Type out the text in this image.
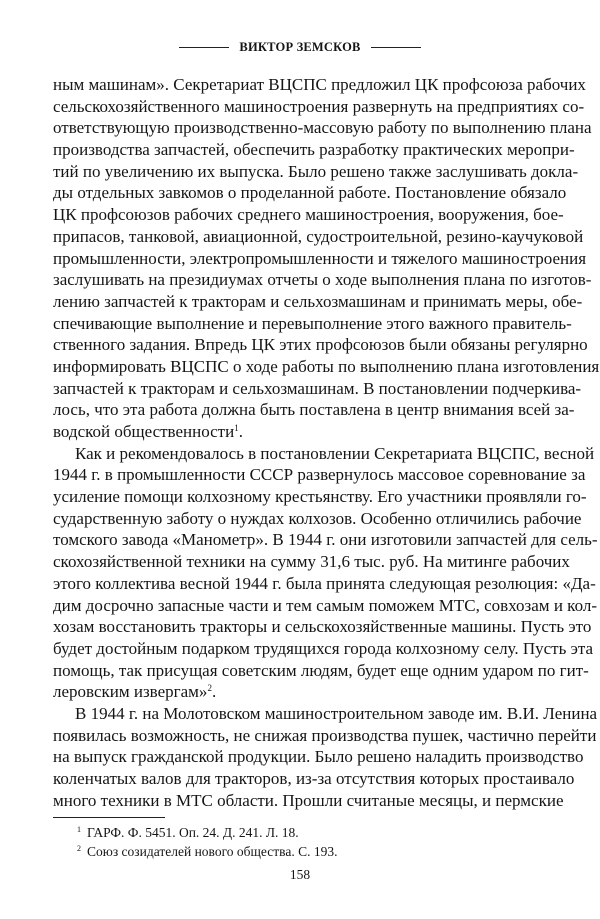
ВИКТОР ЗЕМСКОВ
ным машинам». Секретариат ВЦСПС предложил ЦК профсоюза рабочих
сельскохозяйственного машиностроения развернуть на предприятиях со-
ответствующую производственно-массовую работу по выполнению плана
производства запчастей, обеспечить разработку практических меропри-
тий по увеличению их выпуска. Было решено также заслушивать докла-
ды отдельных завкомов о проделанной работе. Постановление обязало
ЦК профсоюзов рабочих среднего машиностроения, вооружения, бое-
припасов, танковой, авиационной, судостроительной, резино-каучуковой
промышленности, электропромышленности и тяжелого машиностроения
заслушивать на президиумах отчеты о ходе выполнения плана по изготов-
лению запчастей к тракторам и сельхозмашинам и принимать меры, обе-
спечивающие выполнение и перевыполнение этого важного правитель-
ственного задания. Впредь ЦК этих профсоюзов были обязаны регулярно
информировать ВЦСПС о ходе работы по выполнению плана изготовления
запчастей к тракторам и сельхозмашинам. В постановлении подчеркива-
лось, что эта работа должна быть поставлена в центр внимания всей за-
водской общественности$^1$.
Как и рекомендовалось в постановлении Секретариата ВЦСПС, весной
1944 г. в промышленности СССР развернулось массовое соревнование за
усиление помощи колхозному крестьянству. Его участники проявляли го-
сударственную заботу о нуждах колхозов. Особенно отличились рабочие
томского завода «Манометр». В 1944 г. они изготовили запчастей для сель-
скохозяйственной техники на сумму 31,6 тыс. руб. На митинге рабочих
этого коллектива весной 1944 г. была принята следующая резолюция: «Да-
дим досрочно запасные части и тем самым поможем МТС, совхозам и кол-
хозам восстановить тракторы и сельскохозяйственные машины. Пусть это
будет достойным подарком трудящихся города колхозному селу. Пусть эта
помощь, так присущая советским людям, будет еще одним ударом по гит-
леровским извергам»$^2$.
В 1944 г. на Молотовском машиностроительном заводе им. В.И. Ленина
появилась возможность, не снижая производства пушек, частично перейти
на выпуск гражданской продукции. Было решено наладить производство
коленчатых валов для тракторов, из-за отсутствия которых простаивало
много техники в МТС области. Прошли считаные месяцы, и пермские
$^1$ ГАРФ. Ф. 5451. Оп. 24. Д. 241. Л. 18.
$^2$ Союз созидателей нового общества. С. 193.
158
